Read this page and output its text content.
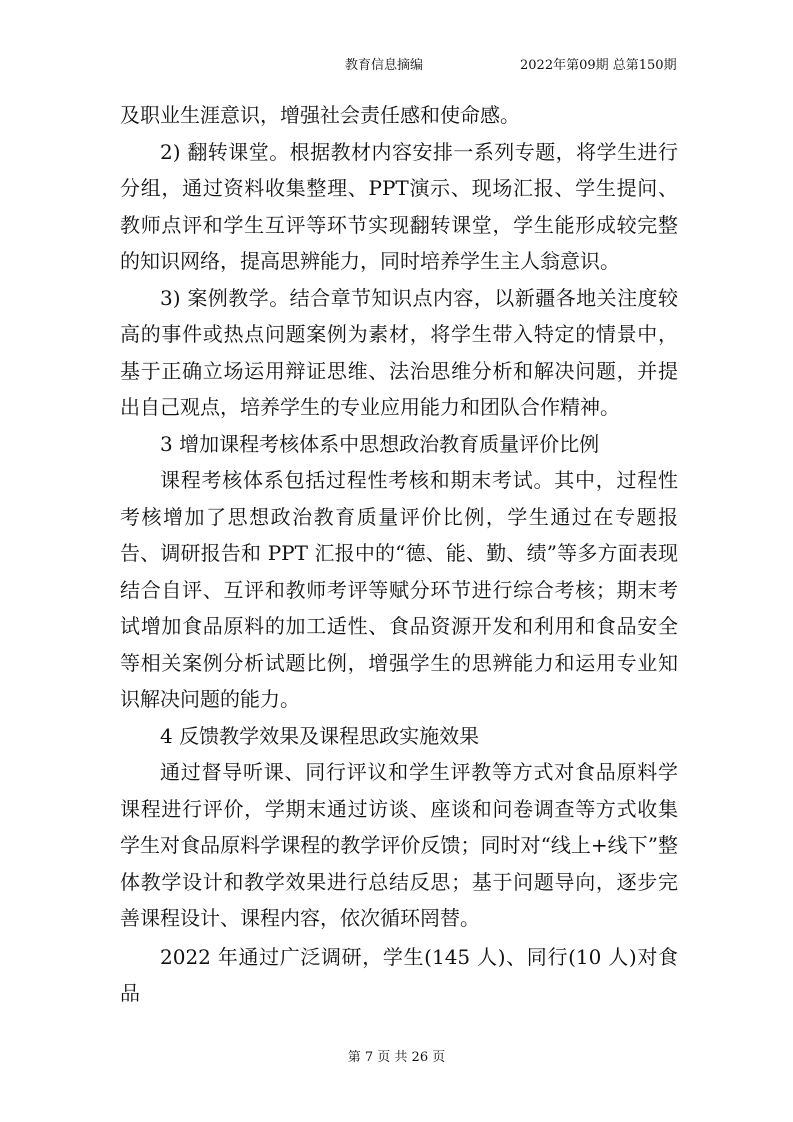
教育信息摘编	2022年第09期 总第150期

及职业生涯意识，增强社会责任感和使命感。

2) 翻转课堂。根据教材内容安排一系列专题，将学生进行分组，通过资料收集整理、PPT演示、现场汇报、学生提问、教师点评和学生互评等环节实现翻转课堂，学生能形成较完整的知识网络，提高思辨能力，同时培养学生主人翁意识。

3) 案例教学。结合章节知识点内容，以新疆各地关注度较高的事件或热点问题案例为素材，将学生带入特定的情景中，基于正确立场运用辩证思维、法治思维分析和解决问题，并提出自己观点，培养学生的专业应用能力和团队合作精神。

3 增加课程考核体系中思想政治教育质量评价比例

课程考核体系包括过程性考核和期末考试。其中，过程性考核增加了思想政治教育质量评价比例，学生通过在专题报告、调研报告和 PPT 汇报中的“德、能、勤、绩”等多方面表现结合自评、互评和教师考评等赋分环节进行综合考核；期末考试增加食品原料的加工适性、食品资源开发和利用和食品安全等相关案例分析试题比例，增强学生的思辨能力和运用专业知识解决问题的能力。

4 反馈教学效果及课程思政实施效果

通过督导听课、同行评议和学生评教等方式对食品原料学课程进行评价，学期末通过访谈、座谈和问卷调查等方式收集学生对食品原料学课程的教学评价反馈；同时对“线上+线下”整体教学设计和教学效果进行总结反思；基于问题导向，逐步完善课程设计、课程内容，依次循环罔替。

2022 年通过广泛调研，学生(145 人)、同行(10 人)对食品

第 7 页 共 26 页
